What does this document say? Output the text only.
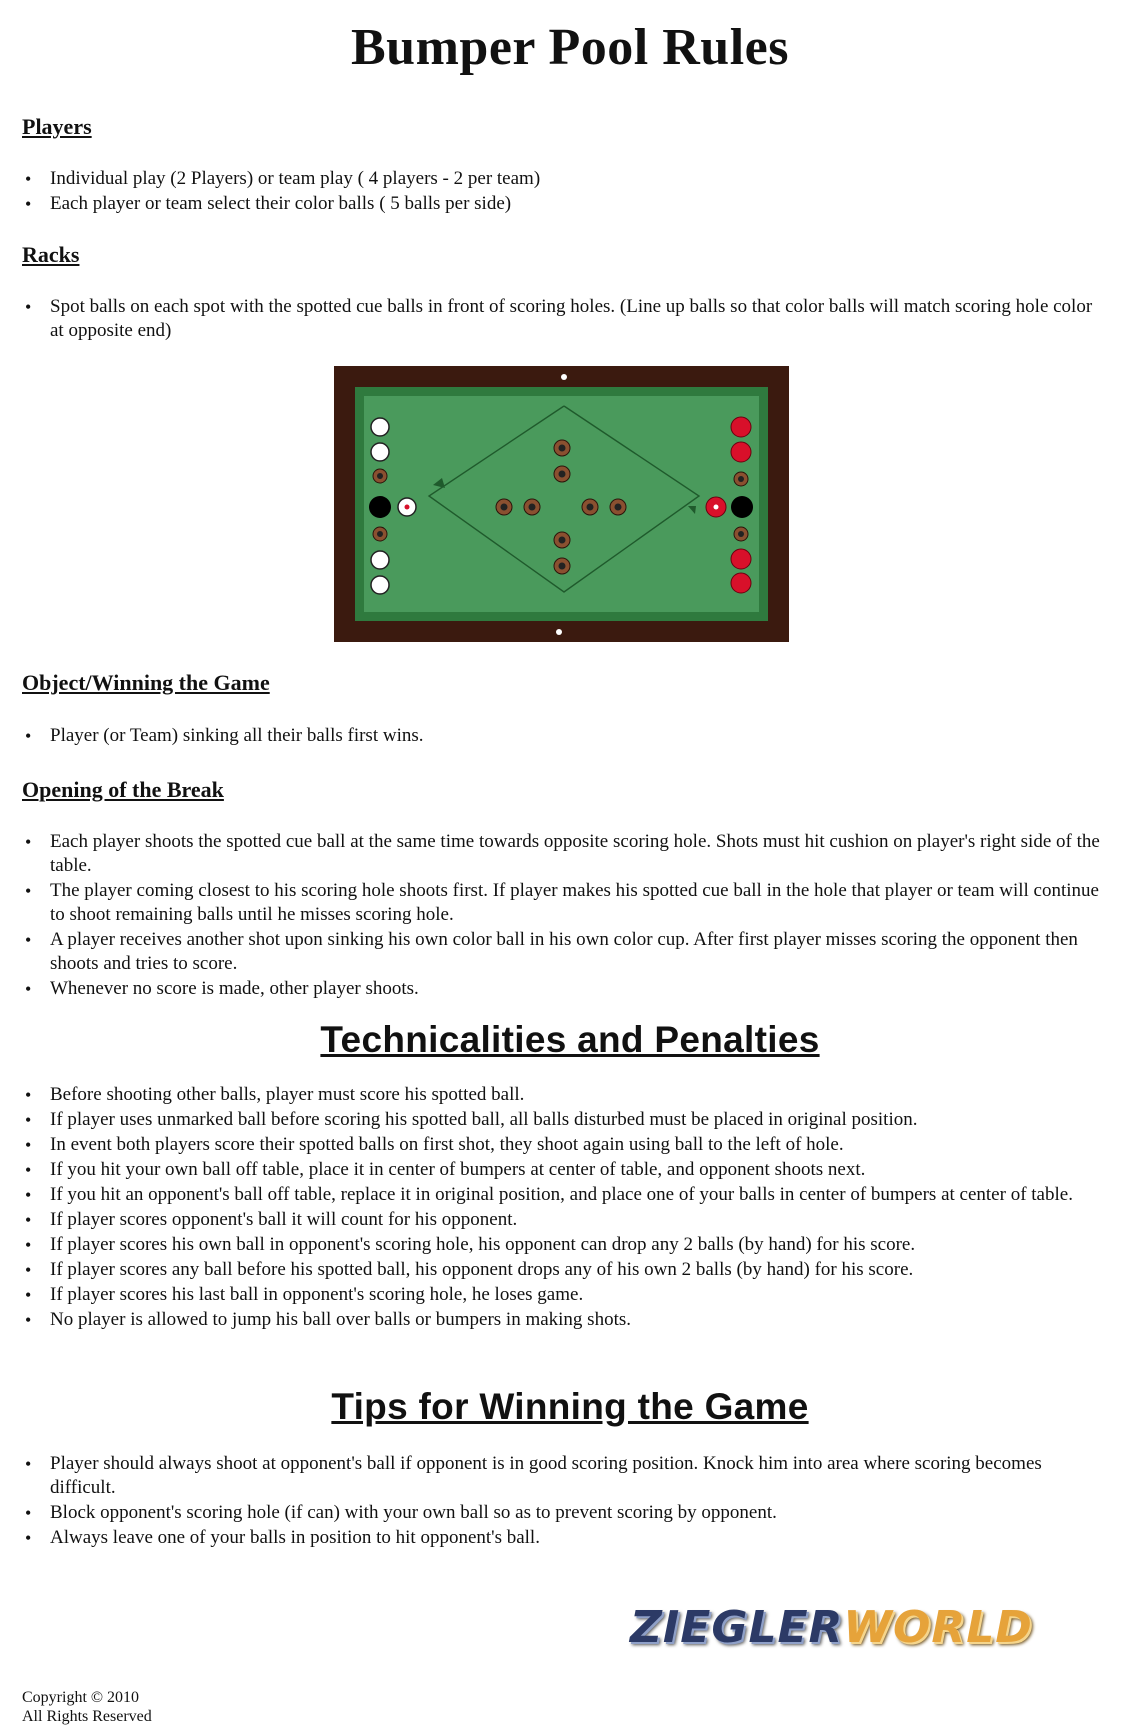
Bumper Pool Rules
Players
• Individual play (2 Players) or team play ( 4 players - 2 per team)
• Each player or team select their color balls ( 5 balls per side)
Racks
• Spot balls on each spot with the spotted cue balls in front of scoring holes. (Line up balls so that color balls will match scoring hole color at opposite end)
Object/Winning the Game
• Player (or Team) sinking all their balls first wins.
Opening of the Break
• Each player shoots the spotted cue ball at the same time towards opposite scoring hole. Shots must hit cushion on player's right side of the table.
• The player coming closest to his scoring hole shoots first. If player makes his spotted cue ball in the hole that player or team will continue to shoot remaining balls until he misses scoring hole.
• A player receives another shot upon sinking his own color ball in his own color cup. After first player misses scoring the opponent then shoots and tries to score.
• Whenever no score is made, other player shoots.
Technicalities and Penalties
• Before shooting other balls, player must score his spotted ball.
• If player uses unmarked ball before scoring his spotted ball, all balls disturbed must be placed in original position.
• In event both players score their spotted balls on first shot, they shoot again using ball to the left of hole.
• If you hit your own ball off table, place it in center of bumpers at center of table, and opponent shoots next.
• If you hit an opponent's ball off table, replace it in original position, and place one of your balls in center of bumpers at center of table.
• If player scores opponent's ball it will count for his opponent.
• If player scores his own ball in opponent's scoring hole, his opponent can drop any 2 balls (by hand) for his score.
• If player scores any ball before his spotted ball, his opponent drops any of his own 2 balls (by hand) for his score.
• If player scores his last ball in opponent's scoring hole, he loses game.
• No player is allowed to jump his ball over balls or bumpers in making shots.
Tips for Winning the Game
• Player should always shoot at opponent's ball if opponent is in good scoring position. Knock him into area where scoring becomes difficult.
• Block opponent's scoring hole (if can) with your own ball so as to prevent scoring by opponent.
• Always leave one of your balls in position to hit opponent's ball.
ZIEGLERWORLD
Copyright © 2010
All Rights Reserved
